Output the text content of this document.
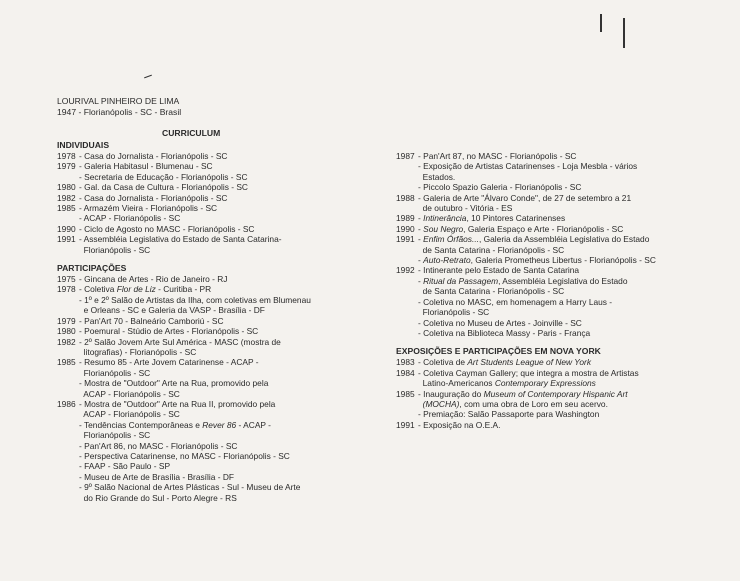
LOURIVAL PINHEIRO DE LIMA
1947 - Florianópolis - SC - Brasil
CURRICULUM
INDIVIDUAIS
1978 - Casa do Jornalista - Florianópolis - SC
1979 - Galeria Habitasul - Blumenau - SC
- Secretaria de Educação - Florianópolis - SC
1980 - Gal. da Casa de Cultura - Florianópolis - SC
1982 - Casa do Jornalista - Florianópolis - SC
1985 - Armazém Vieira - Florianópolis - SC
- ACAP - Florianópolis - SC
1990 - Ciclo de Agosto no MASC - Florianópolis - SC
1991 - Assembléia Legislativa do Estado de Santa Catarina-
Florianópolis - SC
PARTICIPAÇÕES
1975 - Gincana de Artes - Rio de Janeiro - RJ
1978 - Coletiva Flor de Liz - Curitiba - PR
- 1º e 2º Salão de Artistas da Ilha, com coletivas em Blumenau
e Orleans - SC e Galeria da VASP - Brasília - DF
1979 - Pan'Art 70 - Balneário Camboriú - SC
1980 - Poemural - Stúdio de Artes - Florianópolis - SC
1982 - 2º Salão Jovem Arte Sul América - MASC (mostra de
litografias) - Florianópolis - SC
1985 - Resumo 85 - Arte Jovem Catarinense - ACAP -
Florianópolis - SC
- Mostra de "Outdoor" Arte na Rua, promovido pela
ACAP - Florianópolis - SC
1986 - Mostra de "Outdoor" Arte na Rua II, promovido pela
ACAP - Florianópolis - SC
- Tendências Contemporâneas e Rever 86 - ACAP -
Florianópolis - SC
- Pan'Art 86, no MASC - Florianópolis - SC
- Perspectiva Catarinense, no MASC - Florianópolis - SC
- FAAP - São Paulo - SP
- Museu de Arte de Brasília - Brasília - DF
- 9º Salão Nacional de Artes Plásticas - Sul - Museu de Arte
do Rio Grande do Sul - Porto Alegre - RS
1987 - Pan'Art 87, no MASC - Florianópolis - SC
- Exposição de Artistas Catarinenses - Loja Mesbla - vários
Estados.
- Piccolo Spazio Galeria - Florianópolis - SC
1988 - Galeria de Arte "Álvaro Conde", de 27 de setembro a 21
de outubro - Vitória - ES
1989 - Intinerância, 10 Pintores Catarinenses
1990 - Sou Negro, Galeria Espaço e Arte - Florianópolis - SC
1991 - Enfim Órfãos..., Galeria da Assembléia Legislativa do Estado
de Santa Catarina - Florianópolis - SC
- Auto-Retrato, Galeria Prometheus Libertus - Florianópolis - SC
1992 - Intinerante pelo Estado de Santa Catarina
- Ritual da Passagem, Assembléia Legislativa do Estado
de Santa Catarina - Florianópolis - SC
- Coletiva no MASC, em homenagem a Harry Laus -
Florianópolis - SC
- Coletiva no Museu de Artes - Joinville - SC
- Coletiva na Biblioteca Massy - Paris - França
EXPOSIÇÕES E PARTICIPAÇÕES EM NOVA YORK
1983 - Coletiva de Art Students League of New York
1984 - Coletiva Cayman Gallery; que integra a mostra de Artistas
Latino-Americanos Contemporary Expressions
1985 - Inauguração do Museum of Contemporary Hispanic Art
(MOCHA), com uma obra de Loro em seu acervo.
- Premiação: Salão Passaporte para Washington
1991 - Exposição na O.E.A.
